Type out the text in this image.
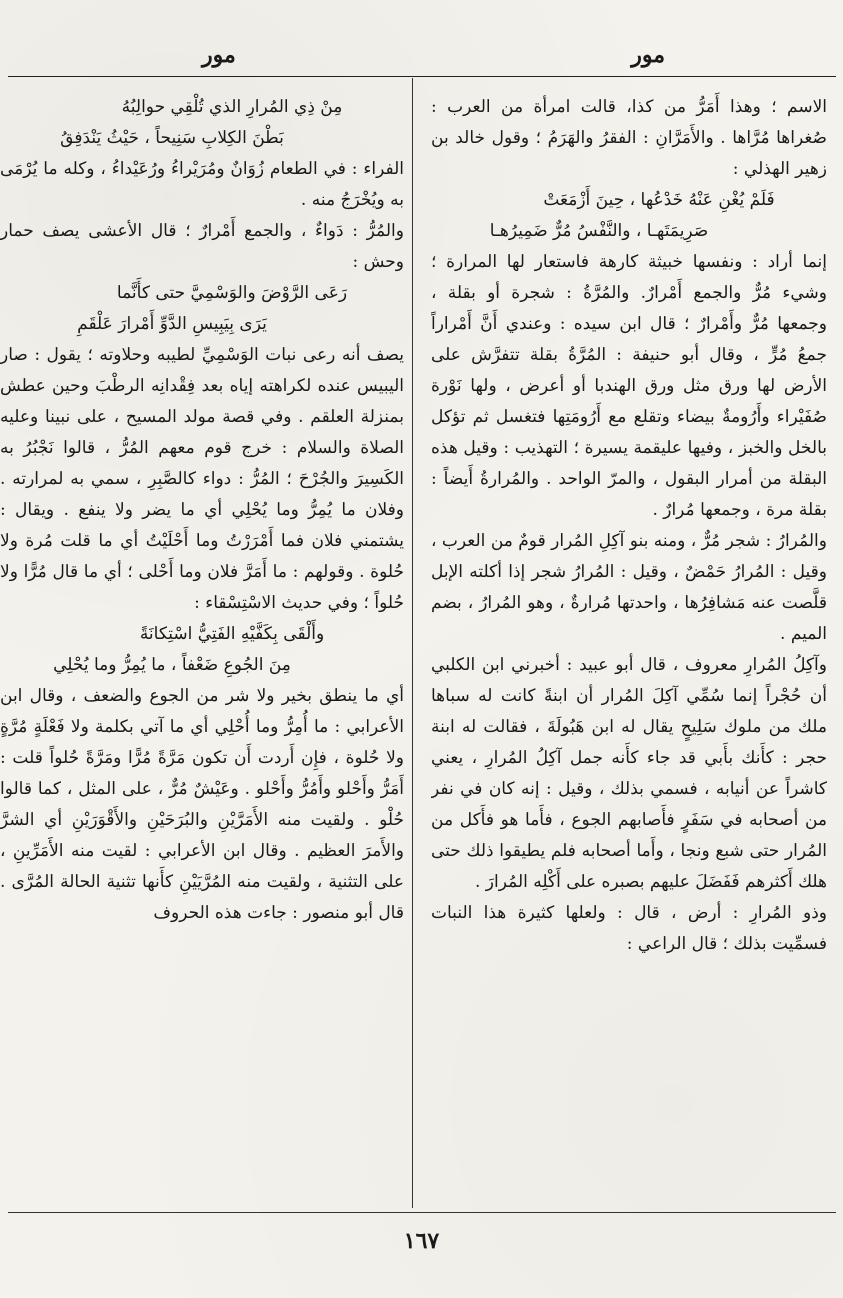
مور
مور

الاسم ؛ وهذا أَمَرُّ من كذا، قالت امرأة من العرب : صُغراها مُرَّاها . والأَمَرَّانِ : الفقرُ والهَرَمُ ؛ وقول خالد بن زهير الهذلي :

فَلَمْ يُغْنِ عَنْهُ خَدْعُها ، حِينَ أَزْمَعَتْ
صَرِيمَتَهـا ، والنَّفْسُ مُرٌّ ضَمِيرُهـا

إنما أراد : ونفسها خبيثة كارهة فاستعار لها المرارة ؛ وشيء مُرٌّ والجمع أَمْرارٌ. والمُرَّةُ : شجرة أو بقلة ، وجمعها مُرٌّ وأَمْرارٌ ؛ قال ابن سيده : وعندي أَنَّ أَمْراراً جمعُ مُرٍّ ، وقال أبو حنيفة : المُرَّةُ بقلة تتفرَّش على الأرض لها ورق مثل ورق الهندبا أو أعرض ، ولها نَوْرة صُفَيْراء وأَرُومةٌ بيضاء وتقلع مع أَرُومَتِها فتغسل ثم تؤكل بالخل والخبز ، وفيها عليقمة يسيرة ؛ التهذيب : وقيل هذه البقلة من أمرار البقول ، والمرّ الواحد . والمُرارةُ أَيضاً : بقلة مرة ، وجمعها مُرارٌ .

والمُرارُ : شجر مُرٌّ ، ومنه بنو آكِلِ المُرار قومٌ من العرب ، وقيل : المُرارُ حَمْضٌ ، وقيل : المُرارُ شجر إذا أكلته الإبل قلَّصت عنه مَشافِرُها ، واحدتها مُرارةٌ ، وهو المُرارُ ، بضم الميم .

وآكِلُ المُرارِ معروف ، قال أبو عبيد : أخبرني ابن الكلبي أن حُجْراً إنما سُمِّي آكِلَ المُرار أن ابنةً كانت له سباها ملك من ملوك سَلِيحٍ يقال له ابن هَبُولَةَ ، فقالت له ابنة حجر : كأَنك بأَبي قد جاء كأَنه جمل آكِلُ المُرارِ ، يعني كاشراً عن أنيابه ، فسمي بذلك ، وقيل : إنه كان في نفر من أصحابه في سَفَرٍ فأَصابهم الجوع ، فأَما هو فأَكل من المُرار حتى شبع ونجا ، وأَما أصحابه فلم يطيقوا ذلك حتى هلك أَكثرهم فَفَضَلَ عليهم بصبره على أَكْلِه المُرارَ .

وذو المُرارِ : أرض ، قال : ولعلها كثيرة هذا النبات فسمِّيت بذلك ؛ قال الراعي :

مِنْ ذِي المُرارِ الذي تُلْقِي حوالِبُهُ
بَطْنَ الكِلابِ سَنِيحاً ، حَيْثُ يَنْدَفِقُ

الفراء : في الطعام زُوَانٌ ومُرَيْراءُ ورُعَيْداءُ ، وكله ما يُرْمَى به ويُخْرَجُ منه .

والمُرُّ : دَواءٌ ، والجمع أَمْرارٌ ؛ قال الأعشى يصف حمار وحش :

رَعَى الرَّوْضَ والوَسْمِيَّ حتى كأَنَّما
يَرَى بِيَبِيسِ الدَّوِّ أَمْرارَ عَلْقَمِ

يصف أنه رعى نبات الوَسْمِيِّ لطيبه وحلاوته ؛ يقول : صار اليبيس عنده لكراهته إياه بعد فِقْدانِه الرطْبَ وحين عطش بمنزلة العلقم . وفي قصة مولد المسيح ، على نبينا وعليه الصلاة والسلام : خرج قوم معهم المُرُّ ، قالوا نَجْبُرُ به الكَسِيرَ والجُرْحَ ؛ المُرُّ : دواء كالصَّبِرِ ، سمي به لمرارته . وفلان ما يُمِرُّ وما يُحْلِي أي ما يضر ولا ينفع . ويقال : يشتمني فلان فما أَمْرَرْتُ وما أَحْلَيْتُ أي ما قلت مُرة ولا حُلوة . وقولهم : ما أَمَرَّ فلان وما أَحْلى ؛ أي ما قال مُرًّا ولا حُلواً ؛ وفي حديث الاسْتِسْقاء :

وأَلْقَى بِكَفَّيْهِ الفَتِيُّ اسْتِكانَةً
مِنَ الجُوعِ ضَعْفاً ، ما يُمِرُّ وما يُحْلِي

أي ما ينطق بخير ولا شر من الجوع والضعف ، وقال ابن الأعرابي : ما أُمِرُّ وما أُحْلِي أي ما آتي بكلمة ولا فَعْلَةٍ مُرَّةٍ ولا حُلوة ، فإِن أَردت أَن تكون مَرَّةً مُرًّا ومَرَّةً حُلواً قلت : أَمَرُّ وأَحْلو وأَمُرُّ وأَحْلو . وعَيْشٌ مُرٌّ ، على المثل ، كما قالوا حُلْو . ولقيت منه الأَمَرَّيْنِ والبُرَحَيْنِ والأَقْوَرَيْنِ أي الشرَّ والأَمرَ العظيم . وقال ابن الأعرابي : لقيت منه الأَمَرِّينِ ، على التثنية ، ولقيت منه المُرَّيَيْنِ كأَنها تثنية الحالة المُرَّى . قال أبو منصور : جاءت هذه الحروف

١٦٧
